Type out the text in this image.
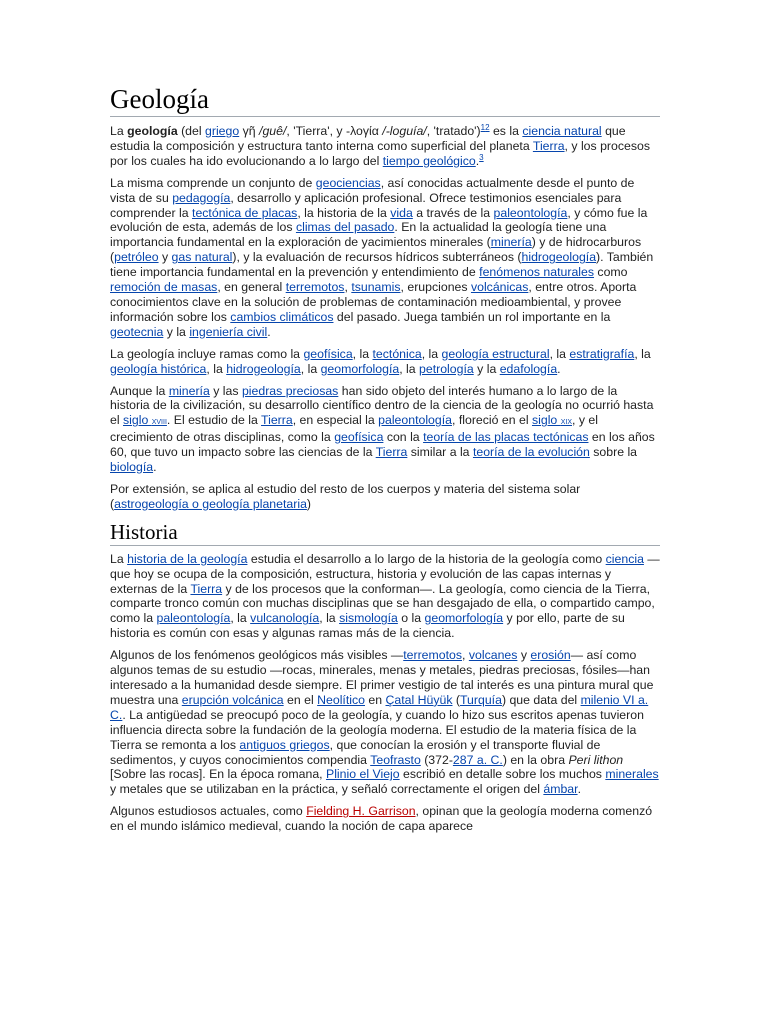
Geología

La geología (del griego γῆ /guê/, 'Tierra', y -λογία /-loguía/, 'tratado')$^{12}$ es la ciencia natural que estudia la composición y estructura tanto interna como superficial del planeta Tierra, y los procesos por los cuales ha ido evolucionando a lo largo del tiempo geológico.$^3$

La misma comprende un conjunto de geociencias, así conocidas actualmente desde el punto de vista de su pedagogía, desarrollo y aplicación profesional. Ofrece testimonios esenciales para comprender la tectónica de placas, la historia de la vida a través de la paleontología, y cómo fue la evolución de esta, además de los climas del pasado. En la actualidad la geología tiene una importancia fundamental en la exploración de yacimientos minerales (minería) y de hidrocarburos (petróleo y gas natural), y la evaluación de recursos hídricos subterráneos (hidrogeología). También tiene importancia fundamental en la prevención y entendimiento de fenómenos naturales como remoción de masas, en general terremotos, tsunamis, erupciones volcánicas, entre otros. Aporta conocimientos clave en la solución de problemas de contaminación medioambiental, y provee información sobre los cambios climáticos del pasado. Juega también un rol importante en la geotecnia y la ingeniería civil.

La geología incluye ramas como la geofísica, la tectónica, la geología estructural, la estratigrafía, la geología histórica, la hidrogeología, la geomorfología, la petrología y la edafología.

Aunque la minería y las piedras preciosas han sido objeto del interés humano a lo largo de la historia de la civilización, su desarrollo científico dentro de la ciencia de la geología no ocurrió hasta el siglo xviii. El estudio de la Tierra, en especial la paleontología, floreció en el siglo xix, y el crecimiento de otras disciplinas, como la geofísica con la teoría de las placas tectónicas en los años 60, que tuvo un impacto sobre las ciencias de la Tierra similar a la teoría de la evolución sobre la biología.

Por extensión, se aplica al estudio del resto de los cuerpos y materia del sistema solar (astrogeología o geología planetaria)

Historia

La historia de la geología estudia el desarrollo a lo largo de la historia de la geología como ciencia —que hoy se ocupa de la composición, estructura, historia y evolución de las capas internas y externas de la Tierra y de los procesos que la conforman—. La geología, como ciencia de la Tierra, comparte tronco común con muchas disciplinas que se han desgajado de ella, o compartido campo, como la paleontología, la vulcanología, la sismología o la geomorfología y por ello, parte de su historia es común con esas y algunas ramas más de la ciencia.

Algunos de los fenómenos geológicos más visibles —terremotos, volcanes y erosión— así como algunos temas de su estudio —rocas, minerales, menas y metales, piedras preciosas, fósiles—han interesado a la humanidad desde siempre. El primer vestigio de tal interés es una pintura mural que muestra una erupción volcánica en el Neolítico en Çatal Hüyük (Turquía) que data del milenio VI a. C.. La antigüedad se preocupó poco de la geología, y cuando lo hizo sus escritos apenas tuvieron influencia directa sobre la fundación de la geología moderna. El estudio de la materia física de la Tierra se remonta a los antiguos griegos, que conocían la erosión y el transporte fluvial de sedimentos, y cuyos conocimientos compendia Teofrasto (372-287 a. C.) en la obra Peri lithon [Sobre las rocas]. En la época romana, Plinio el Viejo escribió en detalle sobre los muchos minerales y metales que se utilizaban en la práctica, y señaló correctamente el origen del ámbar.

Algunos estudiosos actuales, como Fielding H. Garrison, opinan que la geología moderna comenzó en el mundo islámico medieval, cuando la noción de capa aparece
